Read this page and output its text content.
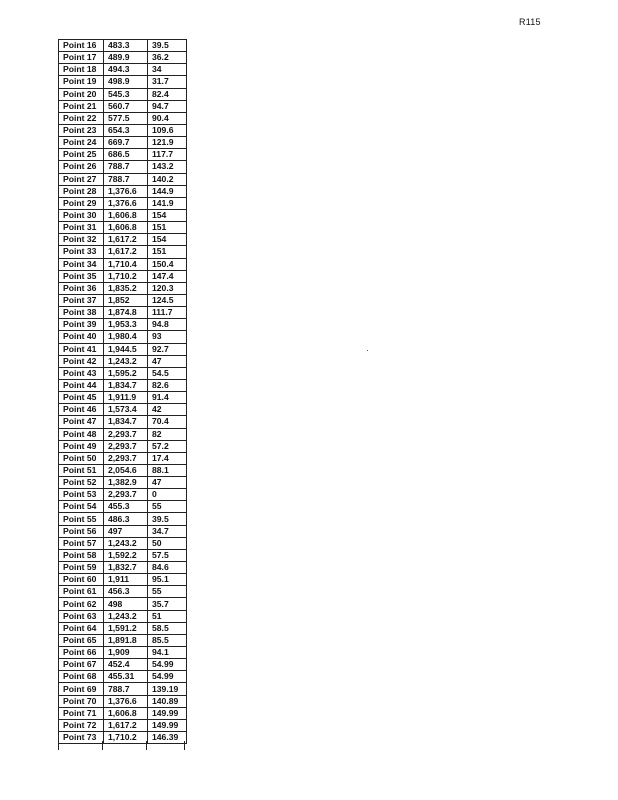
R115
Point 16	483.3	39.5
Point 17	489.9	36.2
Point 18	494.3	34
Point 19	498.9	31.7
Point 20	545.3	82.4
Point 21	560.7	94.7
Point 22	577.5	90.4
Point 23	654.3	109.6
Point 24	669.7	121.9
Point 25	686.5	117.7
Point 26	788.7	143.2
Point 27	788.7	140.2
Point 28	1,376.6	144.9
Point 29	1,376.6	141.9
Point 30	1,606.8	154
Point 31	1,606.8	151
Point 32	1,617.2	154
Point 33	1,617.2	151
Point 34	1,710.4	150.4
Point 35	1,710.2	147.4
Point 36	1,835.2	120.3
Point 37	1,852	124.5
Point 38	1,874.8	111.7
Point 39	1,953.3	94.8
Point 40	1,980.4	93
Point 41	1,944.5	92.7
Point 42	1,243.2	47
Point 43	1,595.2	54.5
Point 44	1,834.7	82.6
Point 45	1,911.9	91.4
Point 46	1,573.4	42
Point 47	1,834.7	70.4
Point 48	2,293.7	82
Point 49	2,293.7	57.2
Point 50	2,293.7	17.4
Point 51	2,054.6	88.1
Point 52	1,382.9	47
Point 53	2,293.7	0
Point 54	455.3	55
Point 55	486.3	39.5
Point 56	497	34.7
Point 57	1,243.2	50
Point 58	1,592.2	57.5
Point 59	1,832.7	84.6
Point 60	1,911	95.1
Point 61	456.3	55
Point 62	498	35.7
Point 63	1,243.2	51
Point 64	1,591.2	58.5
Point 65	1,891.8	85.5
Point 66	1,909	94.1
Point 67	452.4	54.99
Point 68	455.31	54.99
Point 69	788.7	139.19
Point 70	1,376.6	140.89
Point 71	1,606.8	149.99
Point 72	1,617.2	149.99
Point 73	1,710.2	146.39
